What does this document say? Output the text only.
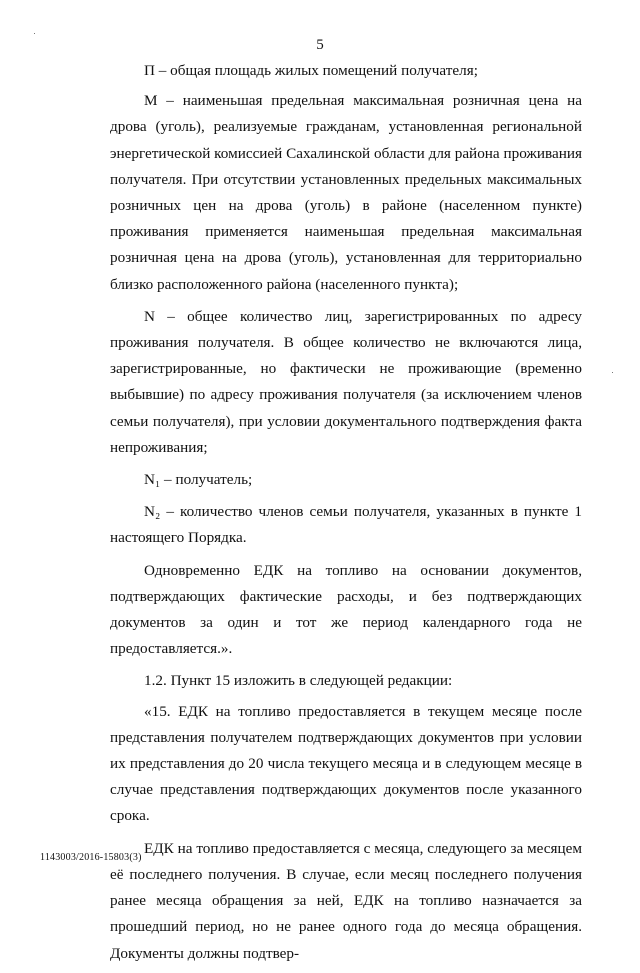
5

П – общая площадь жилых помещений получателя;

М – наименьшая предельная максимальная розничная цена на дрова (уголь), реализуемые гражданам, установленная региональной энергетической комиссией Сахалинской области для района проживания получателя. При отсутствии установленных предельных максимальных розничных цен на дрова (уголь) в районе (населенном пункте) проживания применяется наименьшая предельная максимальная розничная цена на дрова (уголь), установленная для территориально близко расположенного района (населенного пункта);

N – общее количество лиц, зарегистрированных по адресу проживания получателя. В общее количество не включаются лица, зарегистрированные, но фактически не проживающие (временно выбывшие) по адресу проживания получателя (за исключением членов семьи получателя), при условии документального подтверждения факта непроживания;

N₁ – получатель;

N₂ – количество членов семьи получателя, указанных в пункте 1 настоящего Порядка.

Одновременно ЕДК на топливо на основании документов, подтверждающих фактические расходы, и без подтверждающих документов за один и тот же период календарного года не предоставляется.».

1.2. Пункт 15 изложить в следующей редакции:

«15. ЕДК на топливо предоставляется в текущем месяце после представления получателем подтверждающих документов при условии их представления до 20 числа текущего месяца и в следующем месяце в случае представления подтверждающих документов после указанного срока.

ЕДК на топливо предоставляется с месяца, следующего за месяцем её последнего получения. В случае, если месяц последнего получения ранее месяца обращения за ней, ЕДК на топливо назначается за прошедший период, но не ранее одного года до месяца обращения. Документы должны подтвер-

1143003/2016-15803(3)
